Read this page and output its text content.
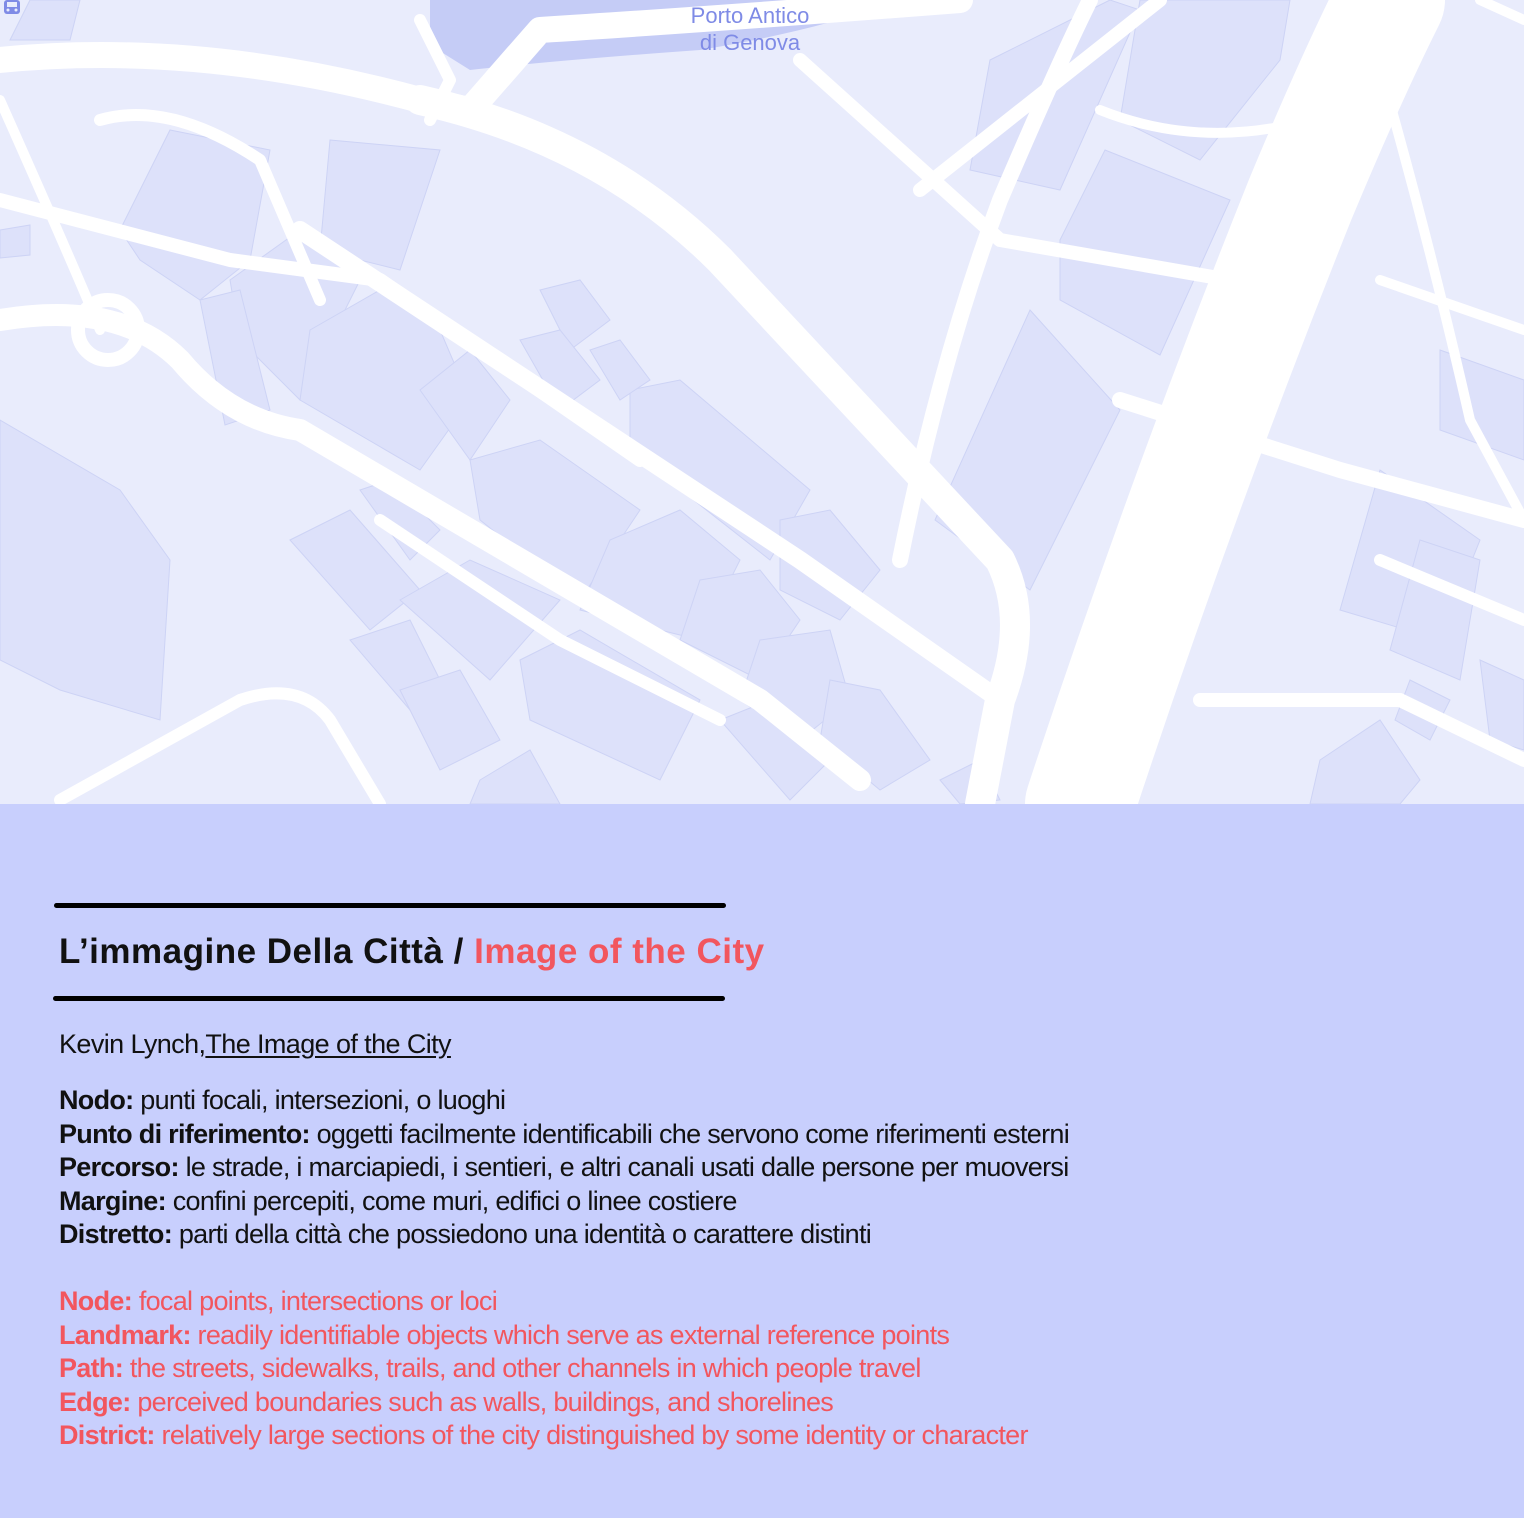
Porto Antico
di Genova
L’immagine Della Città / Image of the City
Kevin Lynch,The Image of the City
Nodo: punti focali, intersezioni, o luoghi
Punto di riferimento: oggetti facilmente identificabili che servono come riferimenti esterni
Percorso: le strade, i marciapiedi, i sentieri, e altri canali usati dalle persone per muoversi
Margine: confini percepiti, come muri, edifici o linee costiere
Distretto: parti della città che possiedono una identità o carattere distinti
Node: focal points, intersections or loci
Landmark: readily identifiable objects which serve as external reference points
Path: the streets, sidewalks, trails, and other channels in which people travel
Edge: perceived boundaries such as walls, buildings, and shorelines
District: relatively large sections of the city distinguished by some identity or character
